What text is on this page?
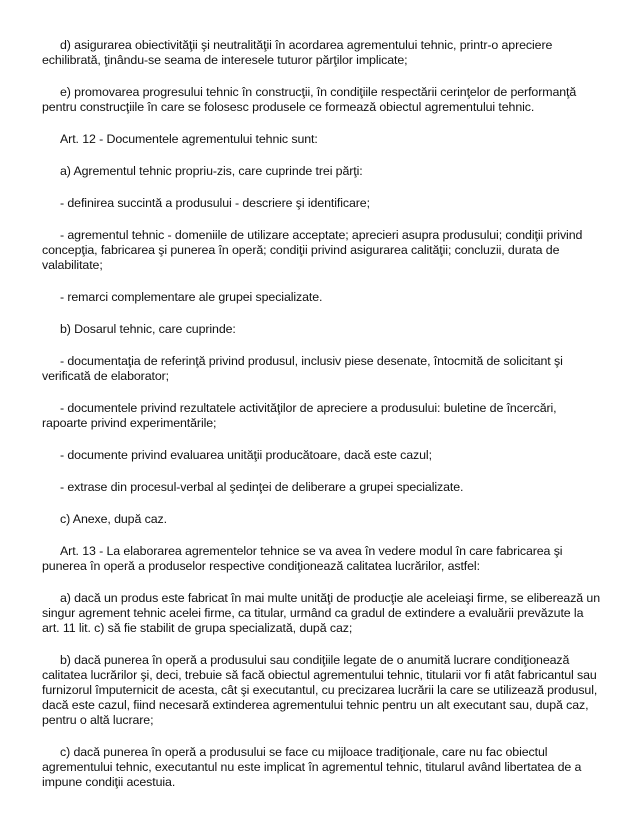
d) asigurarea obiectivităţii şi neutralităţii în acordarea agrementului tehnic, printr-o apreciere echilibrată, ţinându-se seama de interesele tuturor părţilor implicate;

e) promovarea progresului tehnic în construcţii, în condiţiile respectării cerinţelor de performanţă pentru construcţiile în care se folosesc produsele ce formează obiectul agrementului tehnic.

Art. 12 - Documentele agrementului tehnic sunt:

a) Agrementul tehnic propriu-zis, care cuprinde trei părţi:

- definirea succintă a produsului - descriere şi identificare;

- agrementul tehnic - domeniile de utilizare acceptate; aprecieri asupra produsului; condiţii privind concepţia, fabricarea şi punerea în operă; condiţii privind asigurarea calităţii; concluzii, durata de valabilitate;

- remarci complementare ale grupei specializate.

b) Dosarul tehnic, care cuprinde:

- documentaţia de referinţă privind produsul, inclusiv piese desenate, întocmită de solicitant şi verificată de elaborator;

- documentele privind rezultatele activităţilor de apreciere a produsului: buletine de încercări, rapoarte privind experimentările;

- documente privind evaluarea unităţii producătoare, dacă este cazul;

- extrase din procesul-verbal al şedinţei de deliberare a grupei specializate.

c) Anexe, după caz.

Art. 13 - La elaborarea agrementelor tehnice se va avea în vedere modul în care fabricarea şi punerea în operă a produselor respective condiţionează calitatea lucrărilor, astfel:

a) dacă un produs este fabricat în mai multe unităţi de producţie ale aceleiaşi firme, se eliberează un singur agrement tehnic acelei firme, ca titular, urmând ca gradul de extindere a evaluării prevăzute la art. 11 lit. c) să fie stabilit de grupa specializată, după caz;

b) dacă punerea în operă a produsului sau condiţiile legate de o anumită lucrare condiţionează calitatea lucrărilor şi, deci, trebuie să facă obiectul agrementului tehnic, titularii vor fi atât fabricantul sau furnizorul împuternicit de acesta, cât şi executantul, cu precizarea lucrării la care se utilizează produsul, dacă este cazul, fiind necesară extinderea agrementului tehnic pentru un alt executant sau, după caz, pentru o altă lucrare;

c) dacă punerea în operă a produsului se face cu mijloace tradiţionale, care nu fac obiectul agrementului tehnic, executantul nu este implicat în agrementul tehnic, titularul având libertatea de a impune condiţii acestuia.
